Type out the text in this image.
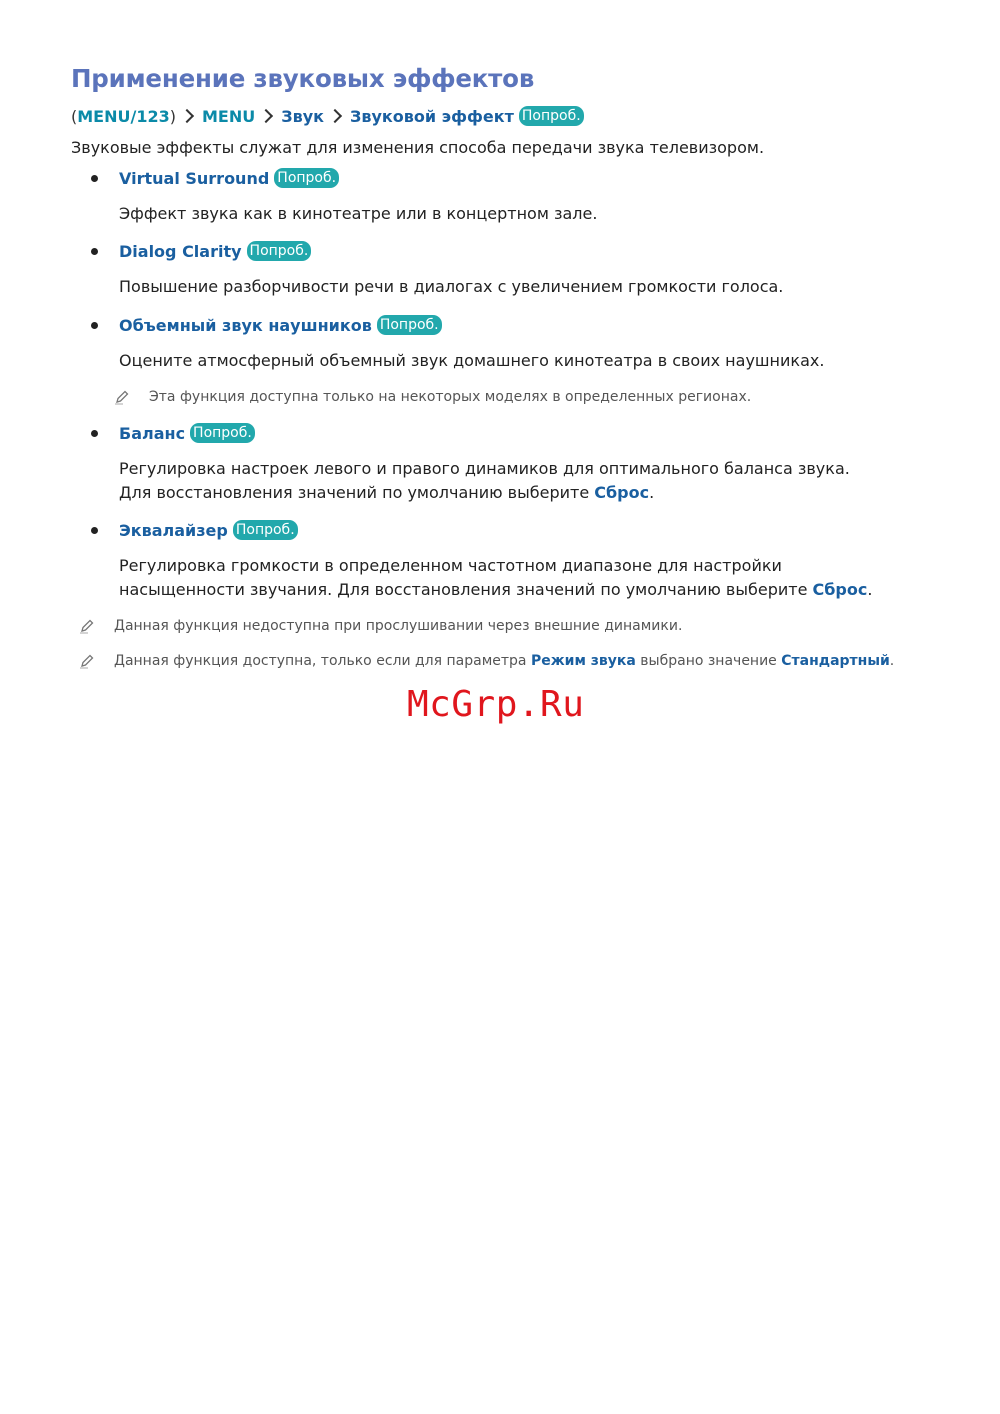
Применение звуковых эффектов
( MENU/123 ) MENU Звук Звуковой эффект Попроб.
Звуковые эффекты служат для изменения способа передачи звука телевизором.
Virtual Surround Попроб.
Эффект звука как в кинотеатре или в концертном зале.
Dialog Clarity Попроб.
Повышение разборчивости речи в диалогах с увеличением громкости голоса.
Объемный звук наушников Попроб.
Оцените атмосферный объемный звук домашнего кинотеатра в своих наушниках.
Эта функция доступна только на некоторых моделях в определенных регионах.
Баланс Попроб.
Регулировка настроек левого и правого динамиков для оптимального баланса звука. Для восстановления значений по умолчанию выберите Сброс.
Эквалайзер Попроб.
Регулировка громкости в определенном частотном диапазоне для настройки насыщенности звучания. Для восстановления значений по умолчанию выберите Сброс.
Данная функция недоступна при прослушивании через внешние динамики.
Данная функция доступна, только если для параметра Режим звука выбрано значение Стандартный.
McGrp.Ru
